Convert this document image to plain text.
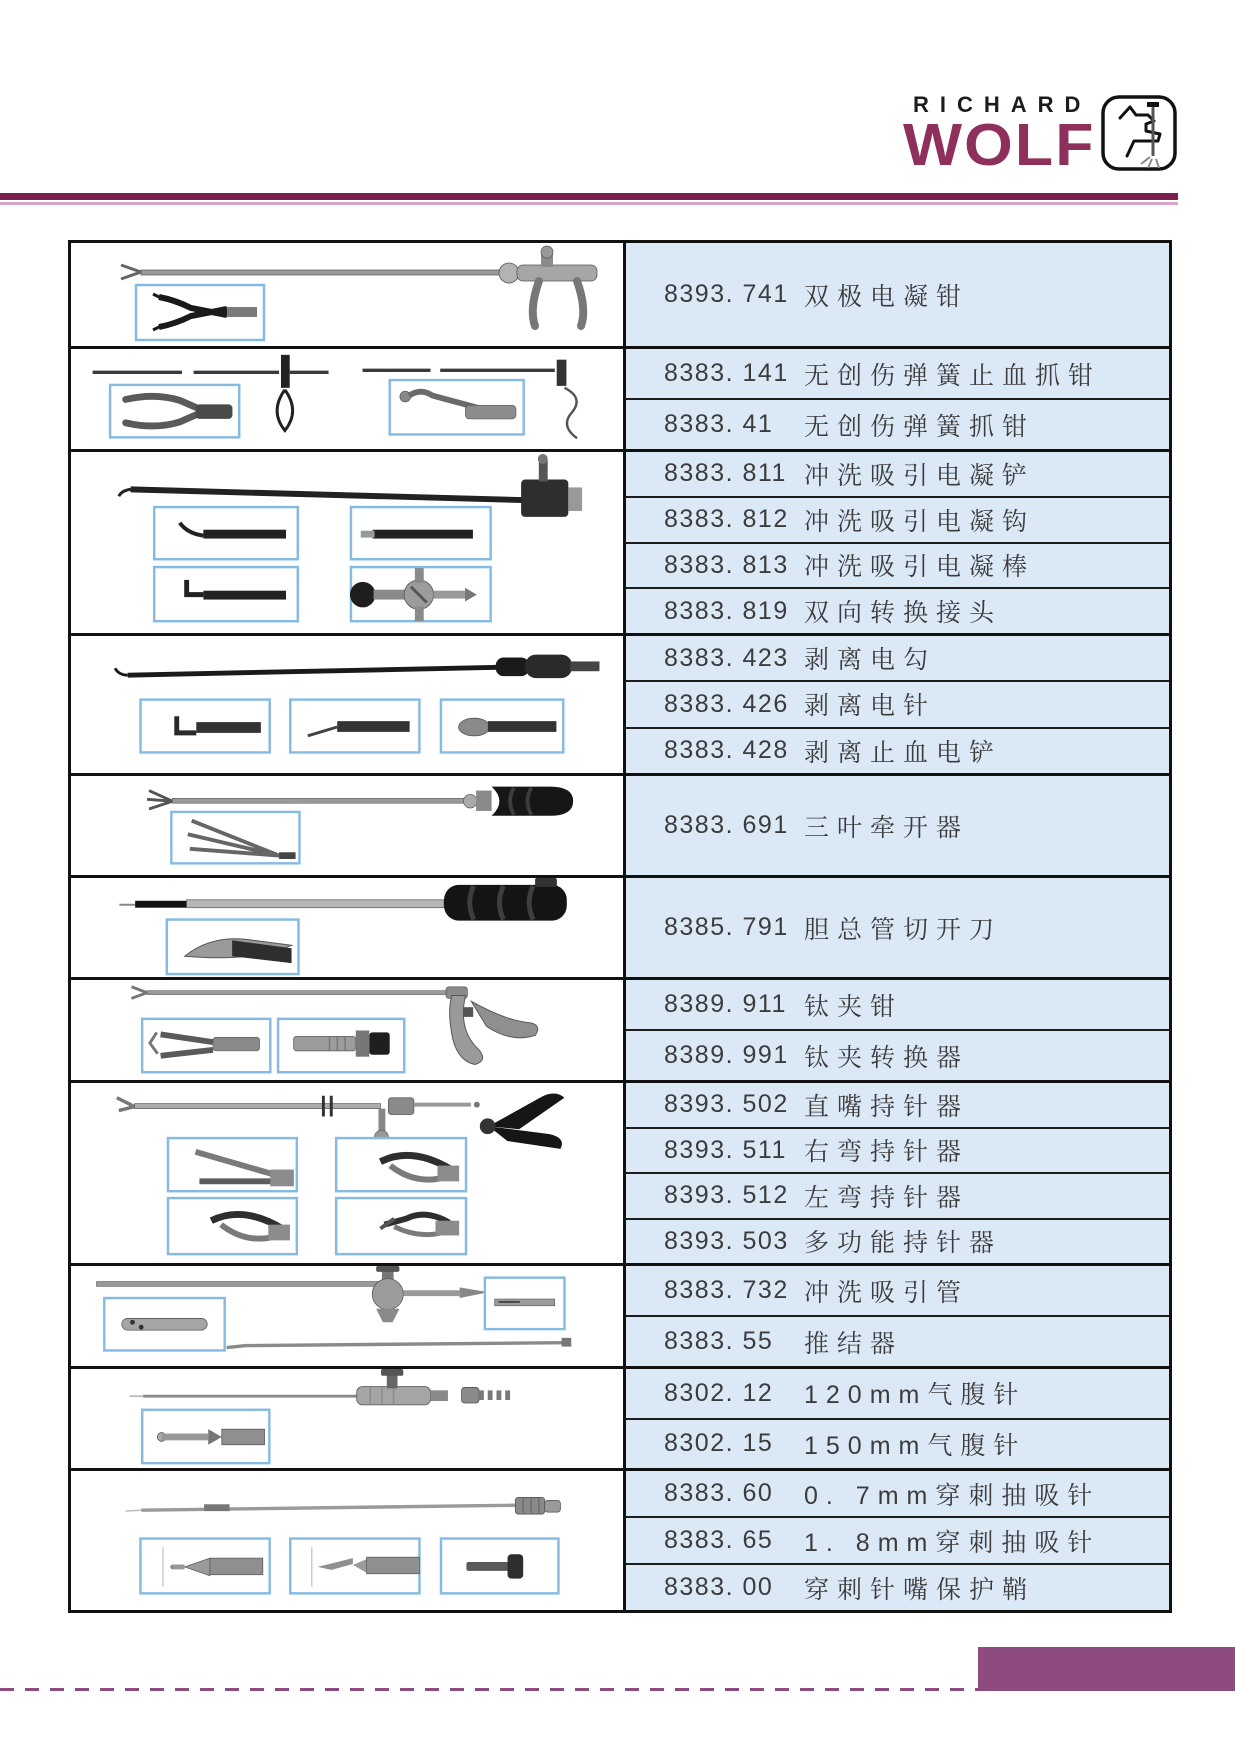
RICHARD
WOLF
8393. 741 双极电凝钳
8383. 141 无创伤弹簧止血抓钳
8383. 41	无创伤弹簧抓钳
8383. 811 冲洗吸引电凝铲
8383. 812 冲洗吸引电凝钩
8383. 813 冲洗吸引电凝棒
8383. 819 双向转换接头
8383. 423 剥离电勾
8383. 426 剥离电针
8383. 428 剥离止血电铲
8383. 691 三叶牵开器
8385. 791 胆总管切开刀
8389. 911 钛夹钳
8389. 991 钛夹转换器
8393. 502 直嘴持针器
8393. 511 右弯持针器
8393. 512 左弯持针器
8393. 503 多功能持针器
8383. 732 冲洗吸引管
8383. 55	推结器
8302. 12	120mm气腹针
8302. 15	150mm气腹针
8383. 60	0. 7mm穿刺抽吸针
8383. 65	1. 8mm穿刺抽吸针
8383. 00	穿刺针嘴保护鞘
